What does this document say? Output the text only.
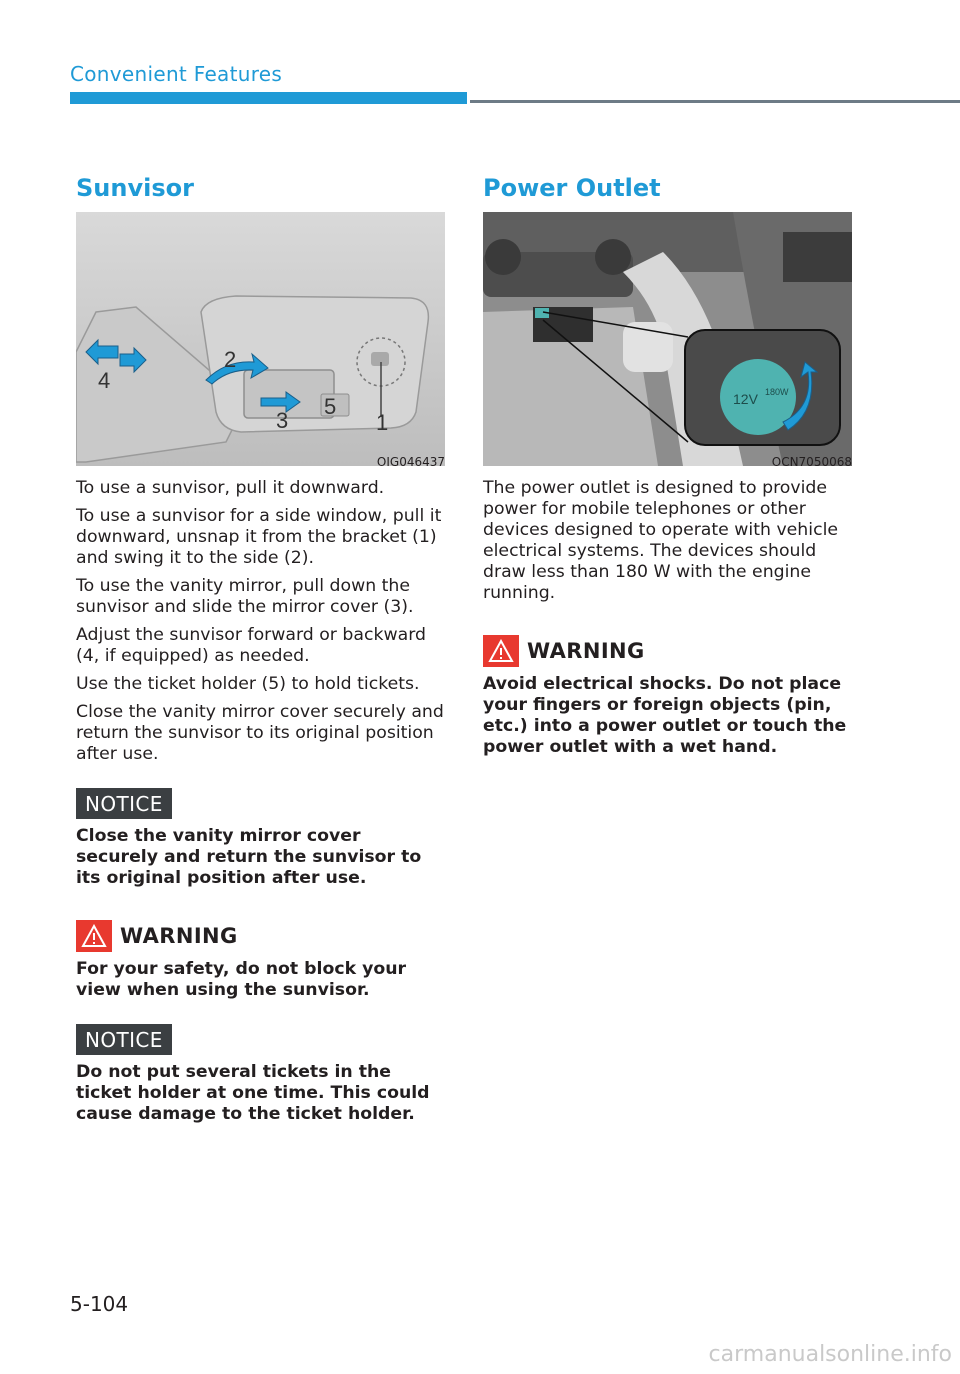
Convenient Features
Sunvisor
1
2
3
4
5
OIG046437

To use a sunvisor, pull it downward.

To use a sunvisor for a side window, pull it downward, unsnap it from the bracket (1) and swing it to the side (2).

To use the vanity mirror, pull down the sunvisor and slide the mirror cover (3).

Adjust the sunvisor forward or backward (4, if equipped) as needed.

Use the ticket holder (5) to hold tickets.

Close the vanity mirror cover securely and return the sunvisor to its original position after use.

NOTICE

Close the vanity mirror cover securely and return the sunvisor to its original position after use.

WARNING

For your safety, do not block your view when using the sunvisor.

NOTICE

Do not put several tickets in the ticket holder at one time. This could cause damage to the ticket holder.

Power Outlet
12V 180W
OCN7050068

The power outlet is designed to provide power for mobile telephones or other devices designed to operate with vehicle electrical systems. The devices should draw less than 180 W with the engine running.

WARNING

Avoid electrical shocks. Do not place your fingers or foreign objects (pin, etc.) into a power outlet or touch the power outlet with a wet hand.

5-104
carmanualsonline.info
